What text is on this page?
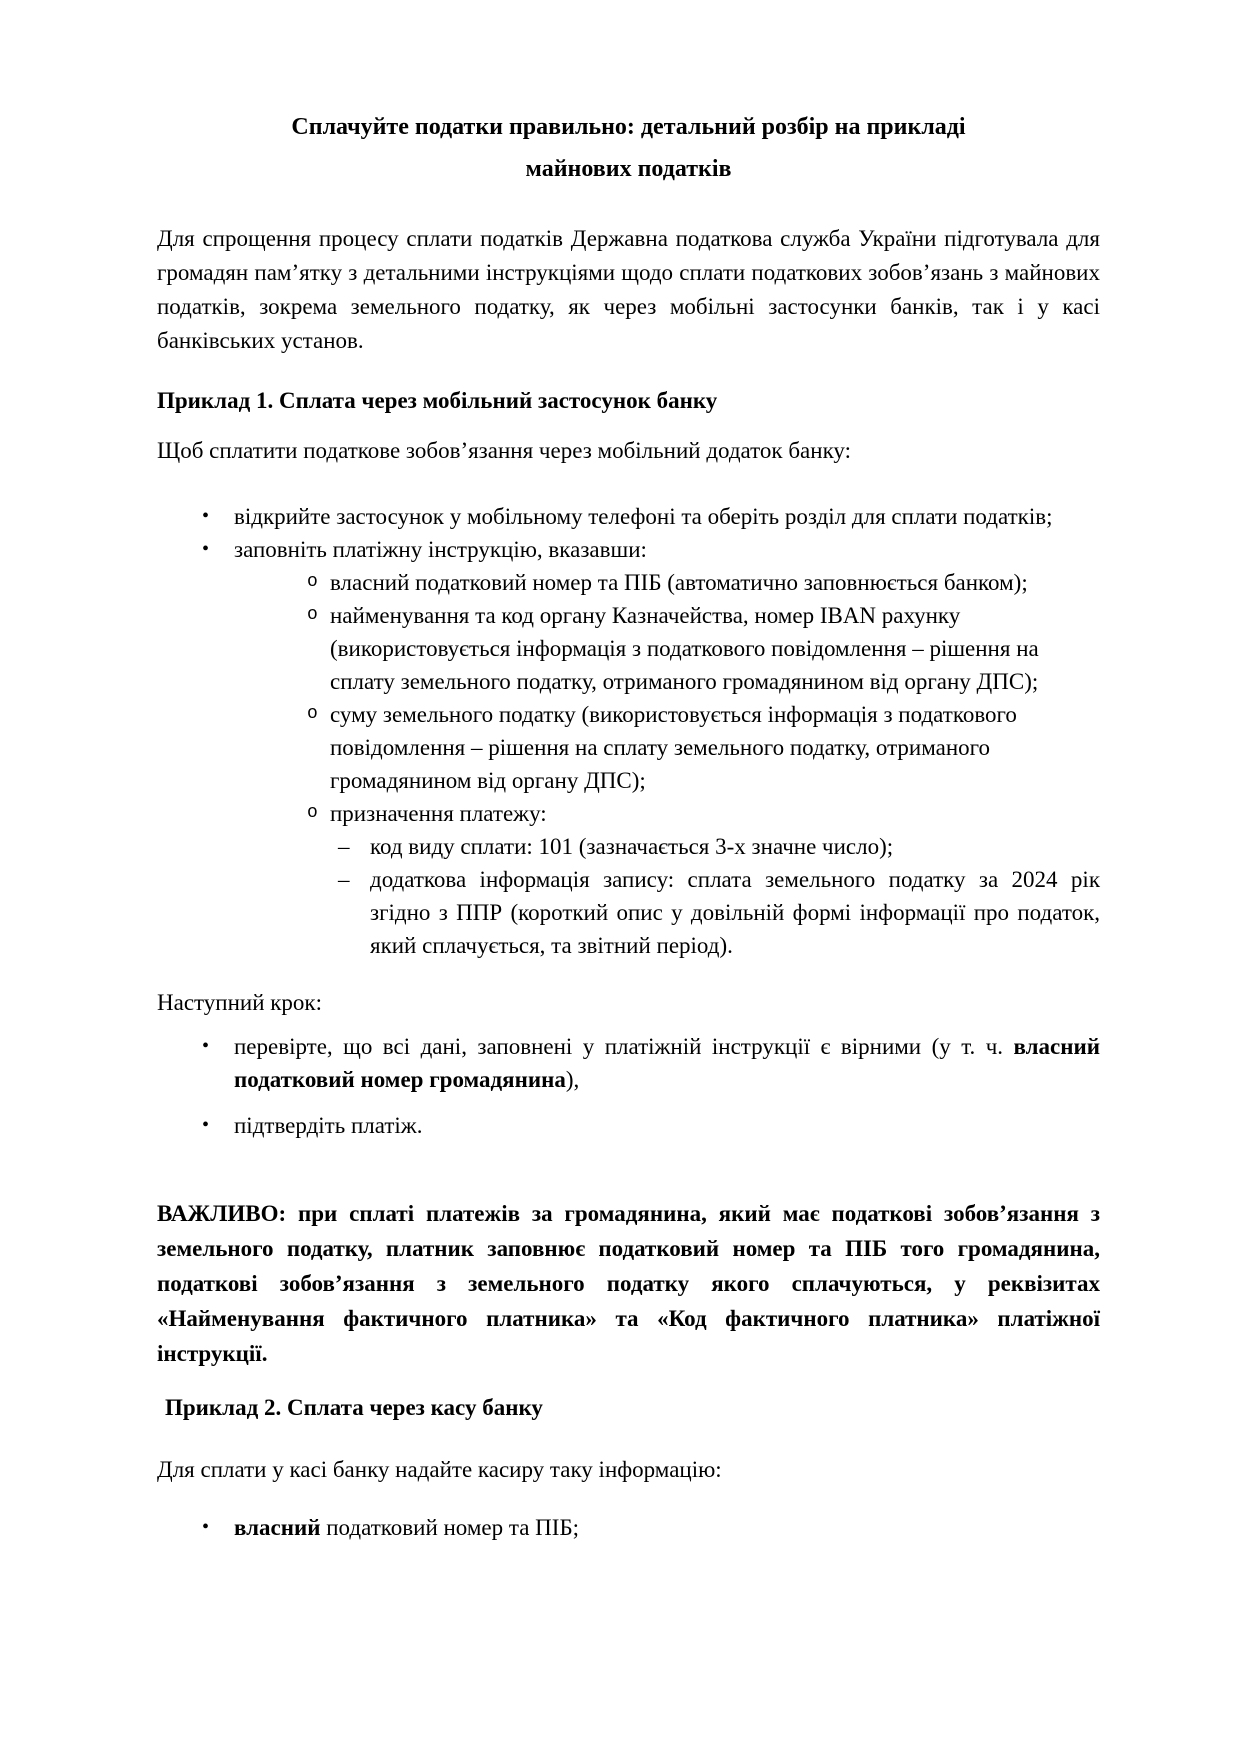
Сплачуйте податки правильно: детальний розбір на прикладі
майнових податків

Для спрощення процесу сплати податків Державна податкова служба України підготувала для громадян пам’ятку з детальними інструкціями щодо сплати податкових зобов’язань з майнових податків, зокрема земельного податку, як через мобільні застосунки банків, так і у касі банківських установ.

Приклад 1. Сплата через мобільний застосунок банку

Щоб сплатити податкове зобов’язання через мобільний додаток банку:

• відкрийте застосунок у мобільному телефоні та оберіть розділ для сплати податків;
• заповніть платіжну інструкцію, вказавши:
o власний податковий номер та ПІБ (автоматично заповнюється банком);
o найменування та код органу Казначейства, номер IBAN рахунку (використовується інформація з податкового повідомлення – рішення на сплату земельного податку, отриманого громадянином від органу ДПС);
o суму земельного податку (використовується інформація з податкового повідомлення – рішення на сплату земельного податку, отриманого громадянином від органу ДПС);
o призначення платежу:
– код виду сплати: 101 (зазначається 3-х значне число);
– додаткова інформація запису: сплата земельного податку за 2024 рік згідно з ППР (короткий опис у довільній формі інформації про податок, який сплачується, та звітний період).

Наступний крок:

• перевірте, що всі дані, заповнені у платіжній інструкції є вірними (у т. ч. власний податковий номер громадянина),
• підтвердіть платіж.

ВАЖЛИВО: при сплаті платежів за громадянина, який має податкові зобов’язання з земельного податку, платник заповнює податковий номер та ПІБ того громадянина, податкові зобов’язання з земельного податку якого сплачуються, у реквізитах «Найменування фактичного платника» та «Код фактичного платника» платіжної інструкції.

Приклад 2. Сплата через касу банку

Для сплати у касі банку надайте касиру таку інформацію:

• власний податковий номер та ПІБ;
